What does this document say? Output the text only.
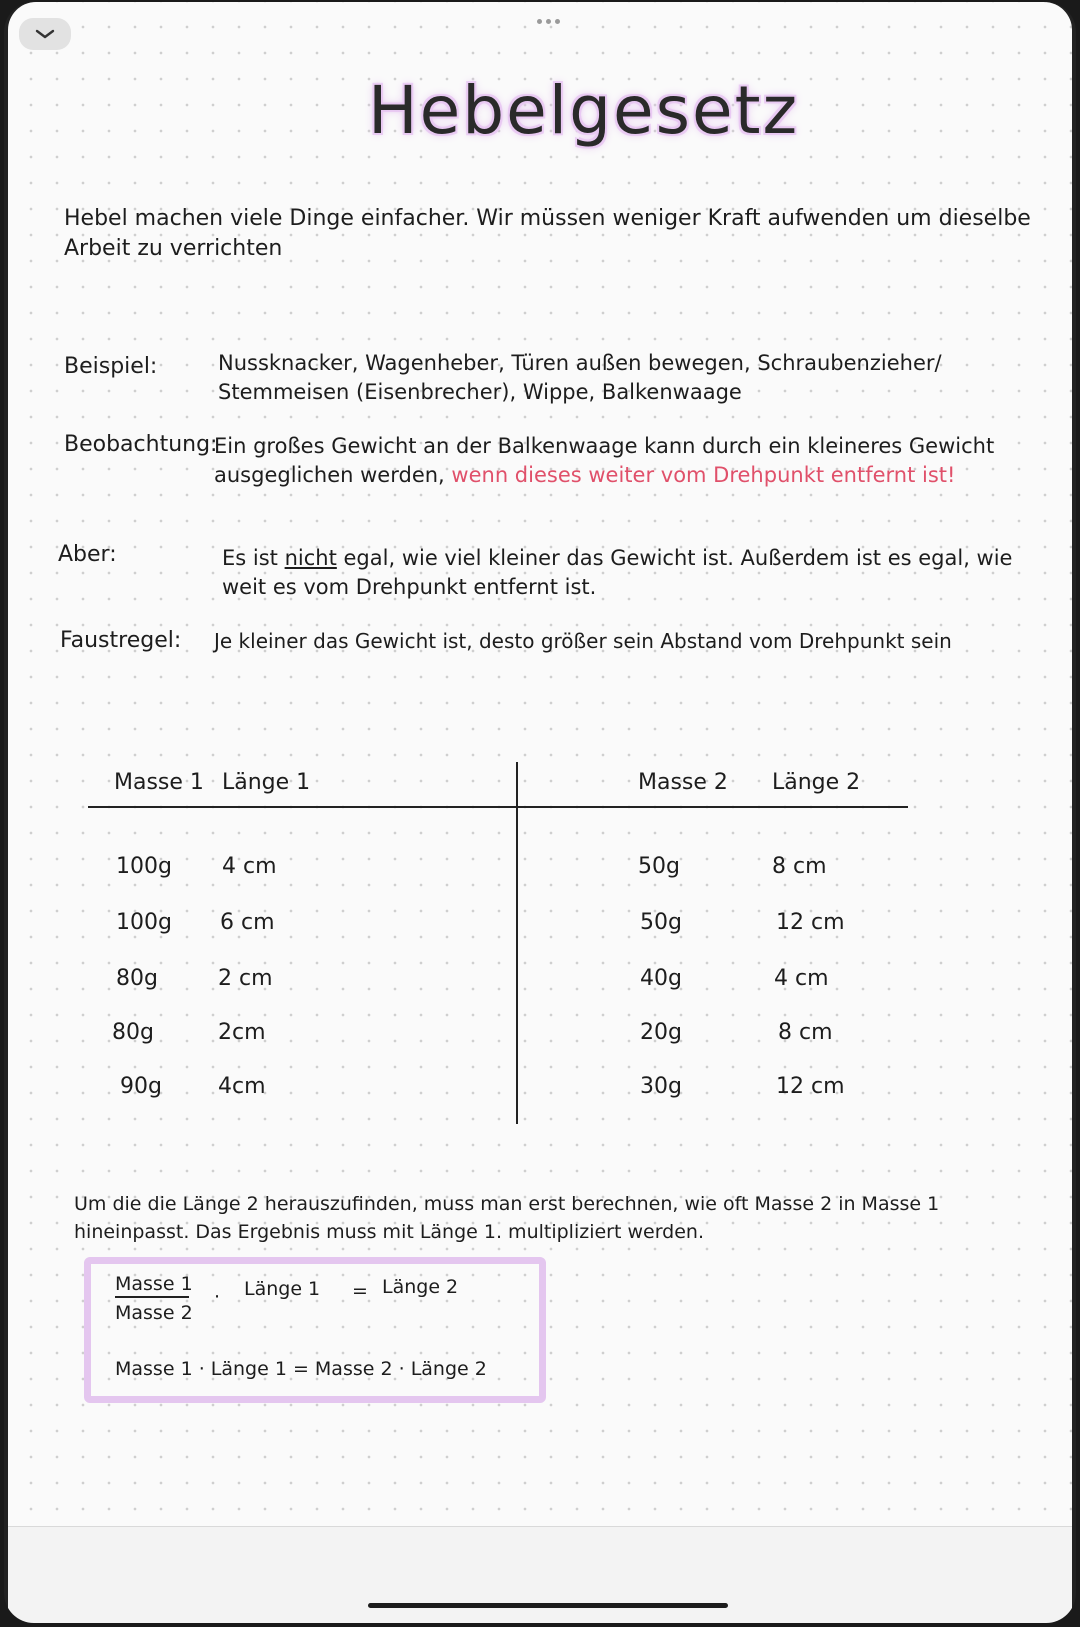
Hebelgesetz

Hebel machen viele Dinge einfacher. Wir müssen weniger Kraft aufwenden um dieselbe Arbeit zu verrichten

Beispiel:	Nussknacker, Wagenheber, Türen außen bewegen, Schraubenzieher/ Stemmeisen (Eisenbrecher), Wippe, Balkenwaage

Beobachtung:

Ein großes Gewicht an der Balkenwaage kann durch ein kleineres Gewicht ausgeglichen werden, wenn dieses weiter vom Drehpunkt entfernt ist!

Aber:	Es ist nicht egal, wie viel kleiner das Gewicht ist. Außerdem ist es egal, wie weit es vom Drehpunkt entfernt ist.

Faustregel: Je kleiner das Gewicht ist, desto größer sein Abstand vom Drehpunkt sein

Masse 1 Länge 1	Masse 2 Länge 2
100g 4 cm	50g	8 cm
100g 6 cm	50g	12 cm
80g	2 cm	40g	4 cm
80g	2cm	20g	8 cm
90g	4cm	30g	12 cm

Um die die Länge 2 herauszufinden, muss man erst berechnen, wie oft Masse 2 in Masse 1 hineinpasst. Das Ergebnis muss mit Länge 1. multipliziert werden.

Masse 1
Masse 2
· Länge 1 = Länge 2
Masse 1 · Länge 1 = Masse 2 · Länge 2
